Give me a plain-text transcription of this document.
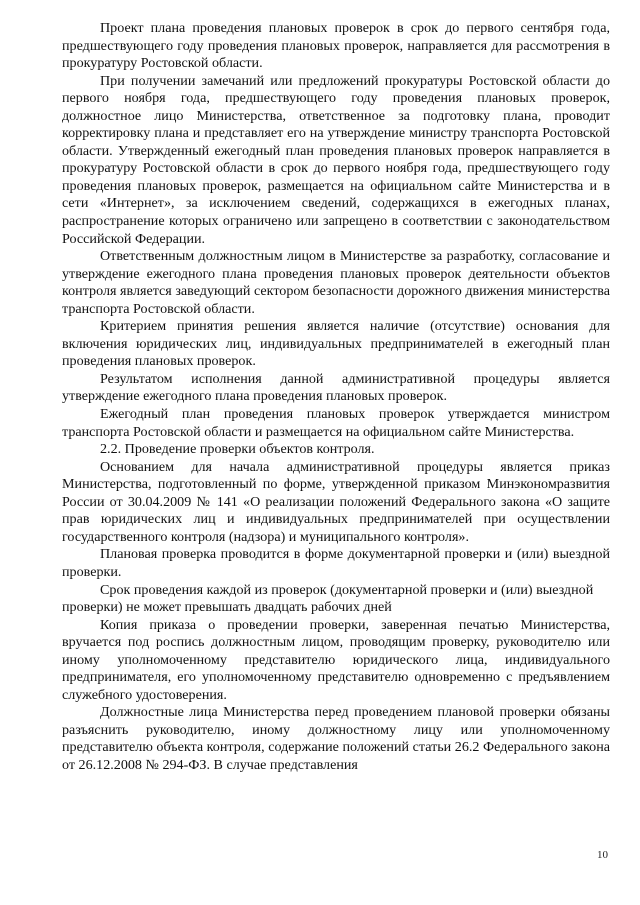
Проект плана проведения плановых проверок в срок до первого сентября года, предшествующего году проведения плановых проверок, направляется для рассмотрения в прокуратуру Ростовской области.

При получении замечаний или предложений прокуратуры Ростовской области до первого ноября года, предшествующего году проведения плановых проверок, должностное лицо Министерства, ответственное за подготовку плана, проводит корректировку плана и представляет его на утверждение министру транспорта Ростовской области. Утвержденный ежегодный план проведения плановых проверок направляется в прокуратуру Ростовской области в срок до первого ноября года, предшествующего году проведения плановых проверок, размещается на официальном сайте Министерства и в сети «Интернет», за исключением сведений, содержащихся в ежегодных планах, распространение которых ограничено или запрещено в соответствии с законодательством Российской Федерации.

Ответственным должностным лицом в Министерстве за разработку, согласование и утверждение ежегодного плана проведения плановых проверок деятельности объектов контроля является заведующий сектором безопасности дорожного движения министерства транспорта Ростовской области.

Критерием принятия решения является наличие (отсутствие) основания для включения юридических лиц, индивидуальных предпринимателей в ежегодный план проведения плановых проверок.

Результатом исполнения данной административной процедуры является утверждение ежегодного плана проведения плановых проверок.

Ежегодный план проведения плановых проверок утверждается министром транспорта Ростовской области и размещается на официальном сайте Министерства.

2.2. Проведение проверки объектов контроля.

Основанием для начала административной процедуры является приказ Министерства, подготовленный по форме, утвержденной приказом Минэкономразвития России от 30.04.2009 № 141 «О реализации положений Федерального закона «О защите прав юридических лиц и индивидуальных предпринимателей при осуществлении государственного контроля (надзора) и муниципального контроля».

Плановая проверка проводится в форме документарной проверки и (или) выездной проверки.

Срок проведения каждой из проверок (документарной проверки и (или) выездной проверки) не может превышать двадцать рабочих дней

Копия приказа о проведении проверки, заверенная печатью Министерства, вручается под роспись должностным лицом, проводящим проверку, руководителю или иному уполномоченному представителю юридического лица, индивидуального предпринимателя, его уполномоченному представителю одновременно с предъявлением служебного удостоверения.

Должностные лица Министерства перед проведением плановой проверки обязаны разъяснить руководителю, иному должностному лицу или уполномоченному представителю объекта контроля, содержание положений статьи 26.2 Федерального закона от 26.12.2008 № 294-ФЗ. В случае представления

10
